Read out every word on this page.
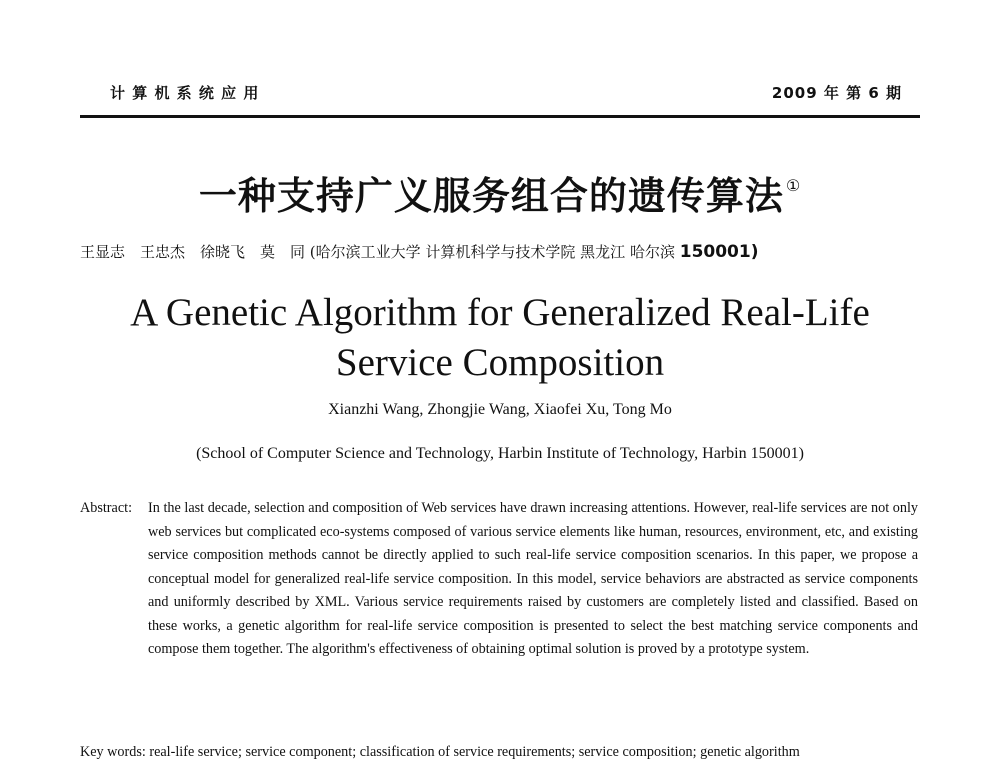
计 算 机 系 统 应 用	2009 年 第 6 期
一种支持广义服务组合的遗传算法 ①
王显志　王忠杰　徐晓飞　莫　同 (哈尔滨工业大学 计算机科学与技术学院 黑龙江 哈尔滨 150001)
A Genetic Algorithm for Generalized Real-Life
Service Composition
Xianzhi Wang, Zhongjie Wang, Xiaofei Xu, Tong Mo
(School of Computer Science and Technology, Harbin Institute of Technology, Harbin 150001)
Abstract: In the last decade, selection and composition of Web services have drawn increasing attentions. However, real-life services are not only web services but complicated eco-systems composed of various service elements like human, resources, environment, etc, and existing service composition methods cannot be directly applied to such real-life service composition scenarios. In this paper, we propose a conceptual model for generalized real-life service composition. In this model, service behaviors are abstracted as service components and uniformly described by XML. Various service requirements raised by customers are completely listed and classified. Based on these works, a genetic algorithm for real-life service composition is presented to select the best matching service components and compose them together. The algorithm's effectiveness of obtaining optimal solution is proved by a prototype system.
Key words: real-life service; service component; classification of service requirements; service composition; genetic algorithm
